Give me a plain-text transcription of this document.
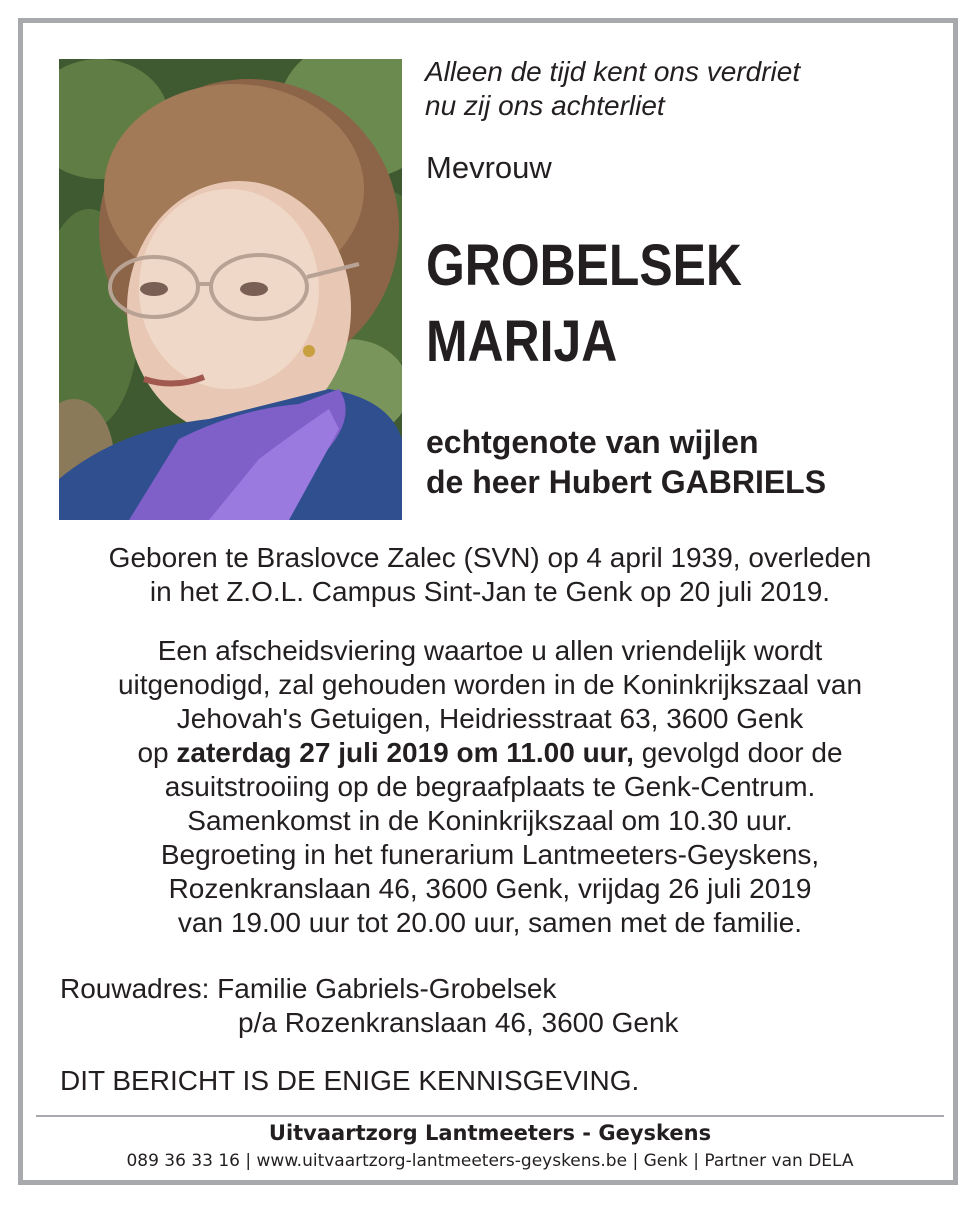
Alleen de tijd kent ons verdriet
nu zij ons achterliet
Mevrouw
GROBELSEK
MARIJA
echtgenote van wijlen
de heer Hubert GABRIELS
Geboren te Braslovce Zalec (SVN) op 4 april 1939, overleden
in het Z.O.L. Campus Sint-Jan te Genk op 20 juli 2019.
Een afscheidsviering waartoe u allen vriendelijk wordt
uitgenodigd, zal gehouden worden in de Koninkrijkszaal van
Jehovah's Getuigen, Heidriesstraat 63, 3600 Genk
op zaterdag 27 juli 2019 om 11.00 uur, gevolgd door de
asuitstrooiing op de begraafplaats te Genk-Centrum.
Samenkomst in de Koninkrijkszaal om 10.30 uur.
Begroeting in het funerarium Lantmeeters-Geyskens,
Rozenkranslaan 46, 3600 Genk, vrijdag 26 juli 2019
van 19.00 uur tot 20.00 uur, samen met de familie.
Rouwadres: Familie Gabriels-Grobelsek
p/a Rozenkranslaan 46, 3600 Genk
DIT BERICHT IS DE ENIGE KENNISGEVING.
Uitvaartzorg Lantmeeters - Geyskens
089 36 33 16 | www.uitvaartzorg-lantmeeters-geyskens.be | Genk | Partner van DELA
